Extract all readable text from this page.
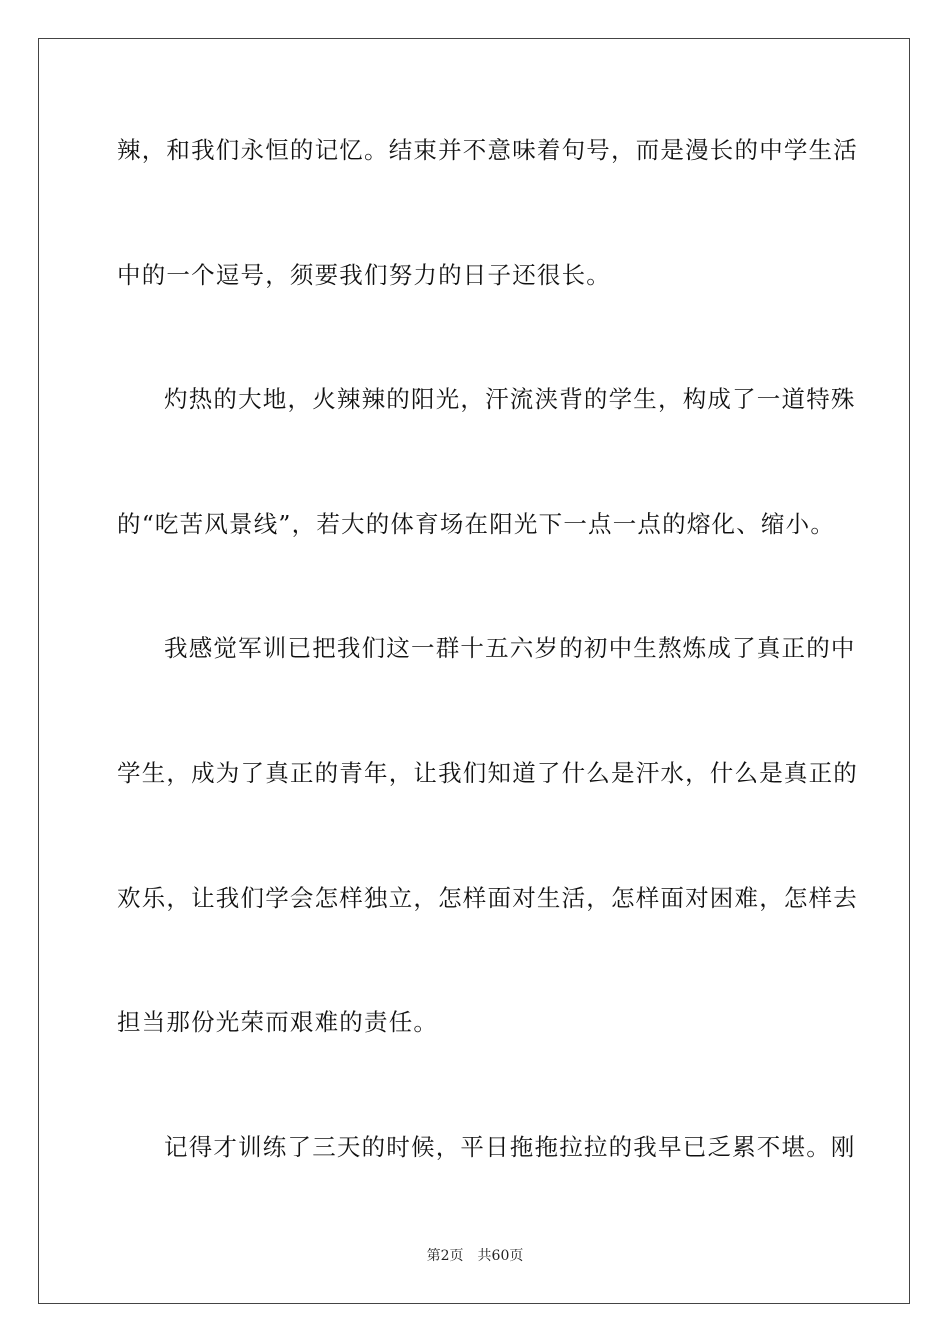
辣，和我们永恒的记忆。结束并不意味着句号，而是漫长的中学生活
中的一个逗号，须要我们努力的日子还很长。
灼热的大地，火辣辣的阳光，汗流浃背的学生，构成了一道特殊
的“吃苦风景线”，若大的体育场在阳光下一点一点的熔化、缩小。
我感觉军训已把我们这一群十五六岁的初中生熬炼成了真正的中
学生，成为了真正的青年，让我们知道了什么是汗水，什么是真正的
欢乐，让我们学会怎样独立，怎样面对生活，怎样面对困难，怎样去
担当那份光荣而艰难的责任。
记得才训练了三天的时候，平日拖拖拉拉的我早已乏累不堪。刚
第2页 共60页
